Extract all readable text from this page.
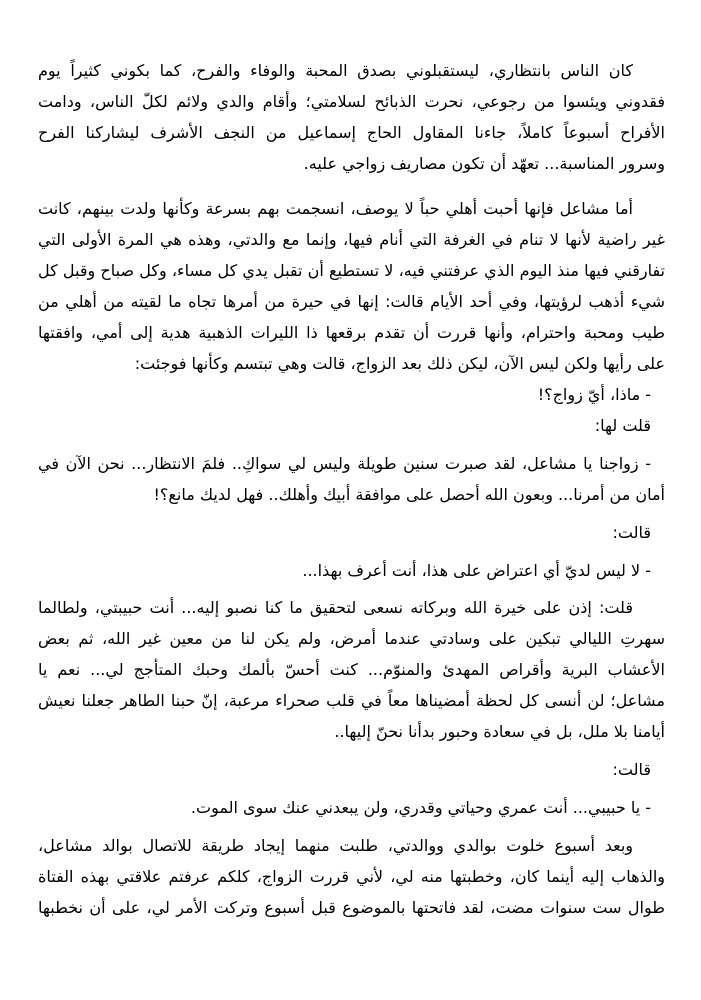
كان الناس بانتظاري، ليستقبلوني بصدق المحبة والوفاء والفرح، كما بكوني كثيراً يوم
فقدوني ويئسوا من رجوعي، نحرت الذبائح لسلامتي؛ وأقام والدي ولائم لكلّ الناس، ودامت
الأفراح أسبوعاً كاملاً، جاءنا المقاول الحاج إسماعيل من النجف الأشرف ليشاركنا الفرح
وسرور المناسبة... تعهّد أن تكون مصاريف زواجي عليه.
أما مشاعل فإنها أحبت أهلي حباً لا يوصف، انسجمت بهم بسرعة وكأنها ولدت بينهم، كانت
غير راضية لأنها لا تنام في الغرفة التي أنام فيها، وإنما مع والدتي، وهذه هي المرة الأولى التي
تفارقني فيها منذ اليوم الذي عرفتني فيه، لا تستطيع أن تقبل يدي كل مساء، وكل صباح وقبل كل
شيء أذهب لرؤيتها، وفي أحد الأيام قالت: إنها في حيرة من أمرها تجاه ما لقيته من أهلي من
طيب ومحبة واحترام، وأنها قررت أن تقدم برقعها ذا الليرات الذهبية هدية إلى أمي، وافقتها
على رأيها ولكن ليس الآن، ليكن ذلك بعد الزواج، قالت وهي تبتسم وكأنها فوجئت:
- ماذا، أيّ زواج؟!
قلت لها:
- زواجنا يا مشاعل، لقد صبرت سنين طويلة وليس لي سواكِ.. فلمَ الانتظار... نحن الآن في
أمان من أمرنا... وبعون الله أحصل على موافقة أبيك وأهلك.. فهل لديك مانع؟!
قالت:
- لا ليس لديّ أي اعتراض على هذا، أنت أعرف بهذا...
قلت: إذن على خيرة الله وبركاته نسعى لتحقيق ما كنا نصبو إليه... أنت حبيبتي، ولطالما
سهرتِ الليالي تبكين على وسادتي عندما أمرض، ولم يكن لنا من معين غير الله، ثم بعض
الأعشاب البرية وأقراص المهدئ والمنوّم... كنت أحسّ بألمك وحبك المتأجج لي... نعم يا
مشاعل؛ لن أنسى كل لحظة أمضيناها معاً في قلب صحراء مرعبة، إنّ حبنا الطاهر جعلنا نعيش
أيامنا بلا ملل، بل في سعادة وحبور بدأنا نحنّ إليها..
قالت:
- يا حبيبي... أنت عمري وحياتي وقدري، ولن يبعدني عنك سوى الموت.
وبعد أسبوع خلوت بوالدي ووالدتي، طلبت منهما إيجاد طريقة للاتصال بوالد مشاعل،
والذهاب إليه أينما كان، وخطبتها منه لي، لأني قررت الزواج، كلكم عرفتم علاقتي بهذه الفتاة
طوال ست سنوات مضت، لقد فاتحتها بالموضوع قبل أسبوع وتركت الأمر لي، على أن نخطبها
